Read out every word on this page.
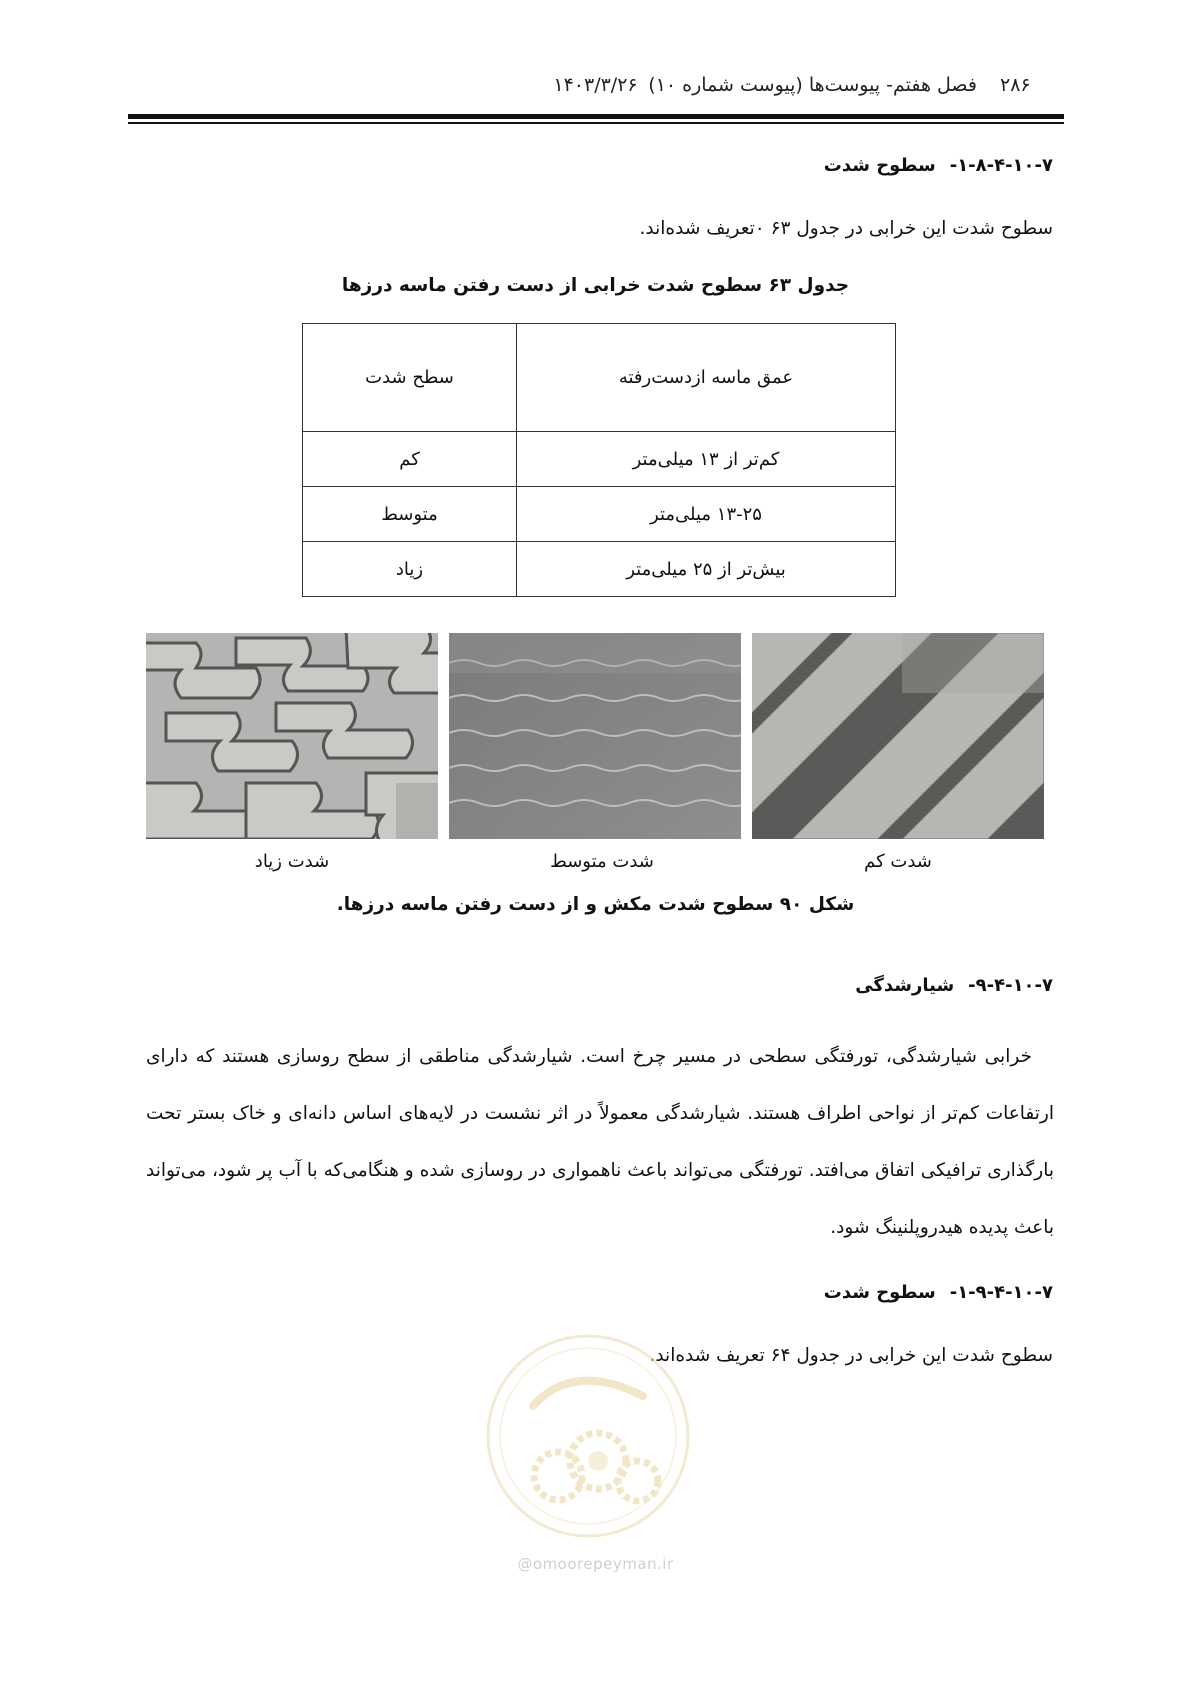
فصل هفتم- پیوست‌ها (پیوست شماره ۱۰)
۱۴۰۳/۳/۲۶	۲۸۶
۱-۸-۴-۱۰-۷-سطوح شدت
سطوح شدت این خرابی در جدول ۶۳ ۰تعریف شده‌اند.
جدول ۶۳ سطوح شدت خرابی از دست رفتن ماسه درزها
عمق ماسه ازدست‌رفته	سطح شدت
کم‌تر از ۱۳ میلی‌متر	کم
۱۳-۲۵ میلی‌متر	متوسط
بیش‌تر از ۲۵ میلی‌متر	زیاد
شدت کم
شدت متوسط
شدت زیاد
شکل ۹۰ سطوح شدت مکش و از دست رفتن ماسه درزها.
۹-۴-۱۰-۷-شیارشدگی

خرابی شیارشدگی، تورفتگی سطحی در مسیر چرخ است. شیارشدگی مناطقی از سطح روسازی هستند که دارای ارتفاعات کم‌تر از نواحی اطراف هستند. شیارشدگی معمولاً در اثر نشست در لایه‌های اساس دانه‌ای و خاک بستر تحت بارگذاری ترافیکی اتفاق می‌افتد. تورفتگی می‌تواند باعث ناهمواری در روسازی شده و هنگامی‌که با آب پر شود، می‌تواند باعث پدیده هیدروپلنینگ شود.

۱-۹-۴-۱۰-۷-سطوح شدت
سطوح شدت این خرابی در جدول ۶۴ تعریف شده‌اند.
@omoorepeyman.ir
